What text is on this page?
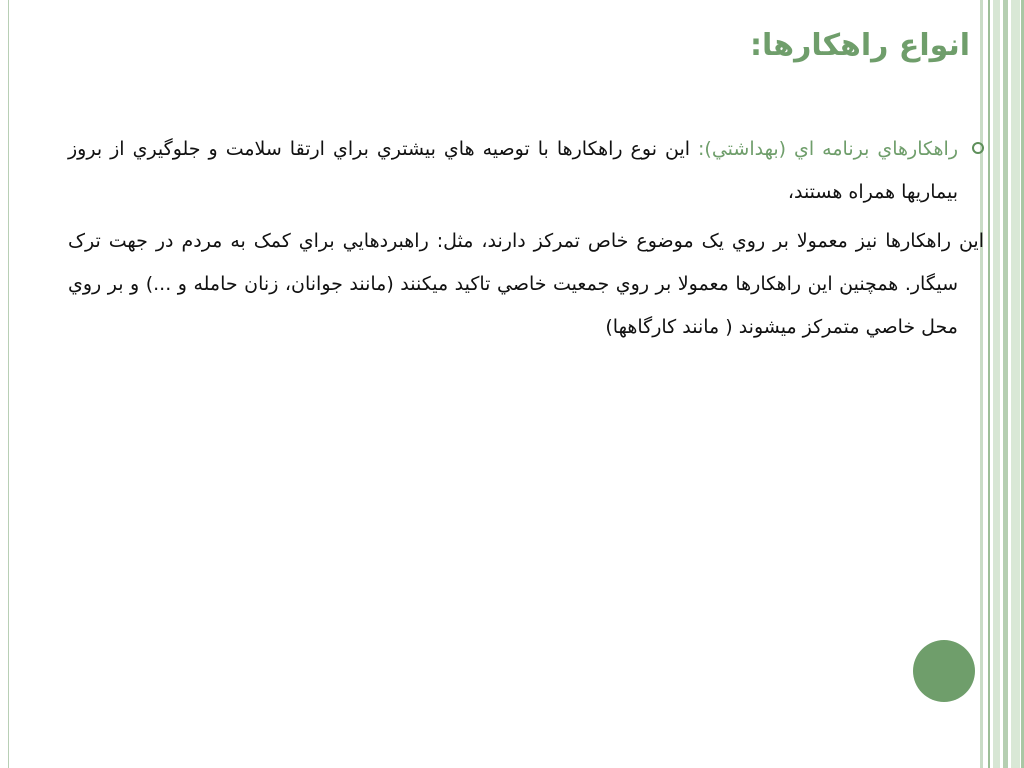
انواع راهکارها:
راهکارهاي برنامه اي (بهداشتي): اين نوع راهکارها با توصيه هاي بيشتري براي ارتقا سلامت و جلوگيري از بروز بيماريها همراه هستند،
اين راهکارها نيز معمولا بر روي يک موضوع خاص تمرکز دارند، مثل: راهبردهايي براي کمک به مردم در جهت ترک سيگار. همچنين اين راهکارها معمولا بر روي جمعيت خاصي تاکيد ميکنند (مانند جوانان، زنان حامله و ...) و بر روي محل خاصي متمرکز ميشوند ( مانند کارگاهها)
